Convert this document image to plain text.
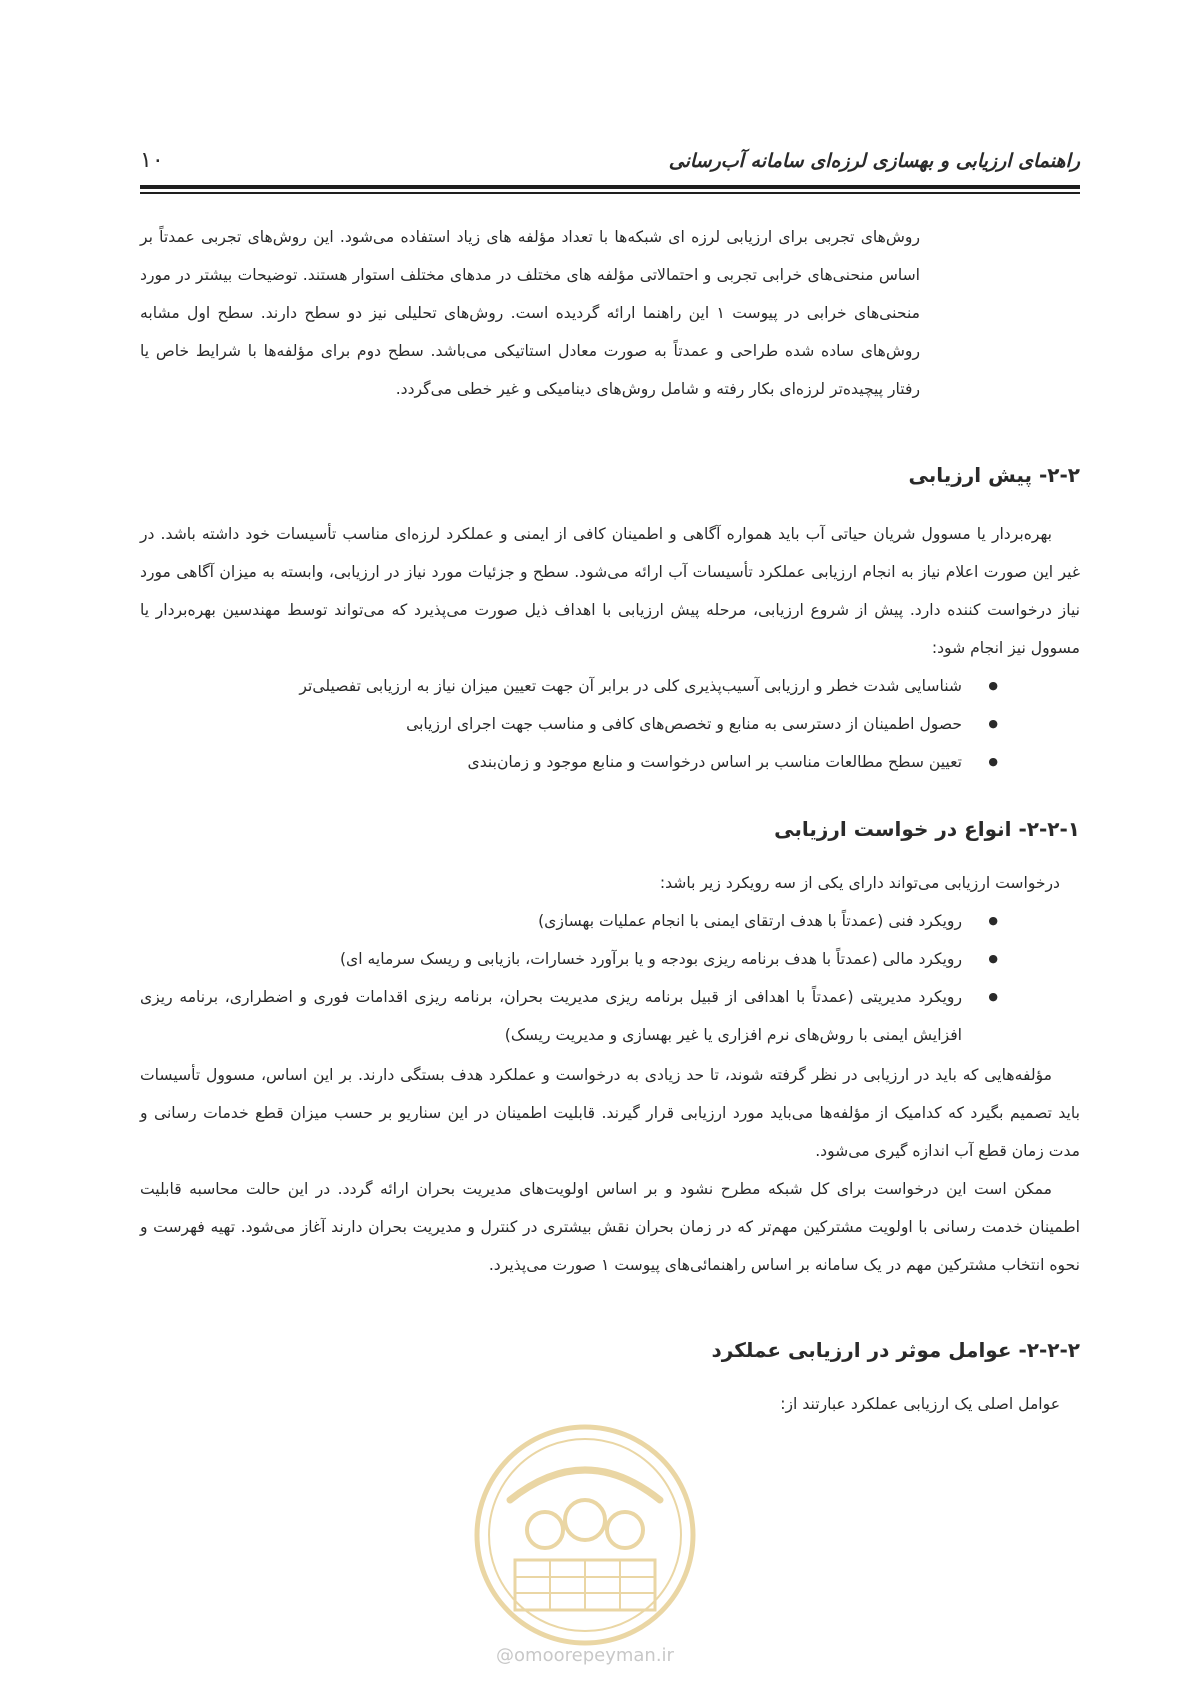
۱۰	راهنمای ارزیابی و بهسازی لرزه‌ای سامانه آب‌رسانی

روش‌های تجربی برای ارزیابی لرزه ای شبکه‌ها با تعداد مؤلفه های زیاد استفاده می‌شود. این روش‌های تجربی عمدتاً بر اساس منحنی‌های خرابی تجربی و احتمالاتی مؤلفه های مختلف در مدهای مختلف استوار هستند. توضیحات بیشتر در مورد منحنی‌های خرابی در پیوست ۱ این راهنما ارائه گردیده است. روش‌های تحلیلی نیز دو سطح دارند. سطح اول مشابه روش‌های ساده شده طراحی و عمدتاً به صورت معادل استاتیکی می‌باشد. سطح دوم برای مؤلفه‌ها با شرایط خاص یا رفتار پیچیده‌تر لرزه‌ای بکار رفته و شامل روش‌های دینامیکی و غیر خطی می‌گردد.

۲-۲- پیش ارزیابی

بهره‌بردار یا مسوول شریان حیاتی آب باید همواره آگاهی و اطمینان کافی از ایمنی و عملکرد لرزه‌ای مناسب تأسیسات خود داشته باشد. در غیر این صورت اعلام نیاز به انجام ارزیابی عملکرد تأسیسات آب ارائه می‌شود. سطح و جزئیات مورد نیاز در ارزیابی، وابسته به میزان آگاهی مورد نیاز درخواست کننده دارد. پیش از شروع ارزیابی، مرحله پیش ارزیابی با اهداف ذیل صورت می‌پذیرد که می‌تواند توسط مهندسین بهره‌بردار یا مسوول نیز انجام شود:

● شناسایی شدت خطر و ارزیابی آسیب‌پذیری کلی در برابر آن جهت تعیین میزان نیاز به ارزیابی تفصیلی‌تر
● حصول اطمینان از دسترسی به منابع و تخصص‌های کافی و مناسب جهت اجرای ارزیابی
● تعیین سطح مطالعات مناسب بر اساس درخواست و منابع موجود و زمان‌بندی
۲-۲-۱- انواع در خواست ارزیابی

درخواست ارزیابی می‌تواند دارای یکی از سه رویکرد زیر باشد:

● رویکرد فنی (عمدتاً با هدف ارتقای ایمنی با انجام عملیات بهسازی)
● رویکرد مالی (عمدتاً با هدف برنامه ریزی بودجه و یا برآورد خسارات، بازیابی و ریسک سرمایه ای)
● رویکرد مدیریتی (عمدتاً با اهدافی از قبیل برنامه ریزی مدیریت بحران، برنامه ریزی اقدامات فوری و اضطراری، برنامه ریزی افزایش ایمنی با روش‌های نرم افزاری یا غیر بهسازی و مدیریت ریسک)

مؤلفه‌هایی که باید در ارزیابی در نظر گرفته شوند، تا حد زیادی به درخواست و عملکرد هدف بستگی دارند. بر این اساس، مسوول تأسیسات باید تصمیم بگیرد که کدامیک از مؤلفه‌ها می‌باید مورد ارزیابی قرار گیرند. قابلیت اطمینان در این سناریو بر حسب میزان قطع خدمات رسانی و مدت زمان قطع آب اندازه گیری می‌شود.

ممکن است این درخواست برای کل شبکه مطرح نشود و بر اساس اولویت‌های مدیریت بحران ارائه گردد. در این حالت محاسبه قابلیت اطمینان خدمت رسانی با اولویت مشترکین مهم‌تر که در زمان بحران نقش بیشتری در کنترل و مدیریت بحران دارند آغاز می‌شود. تهیه فهرست و نحوه انتخاب مشترکین مهم در یک سامانه بر اساس راهنمائی‌های پیوست ۱ صورت می‌پذیرد.

۲-۲-۲- عوامل موثر در ارزیابی عملکرد

عوامل اصلی یک ارزیابی عملکرد عبارتند از:

@omoorepeyman.ir
